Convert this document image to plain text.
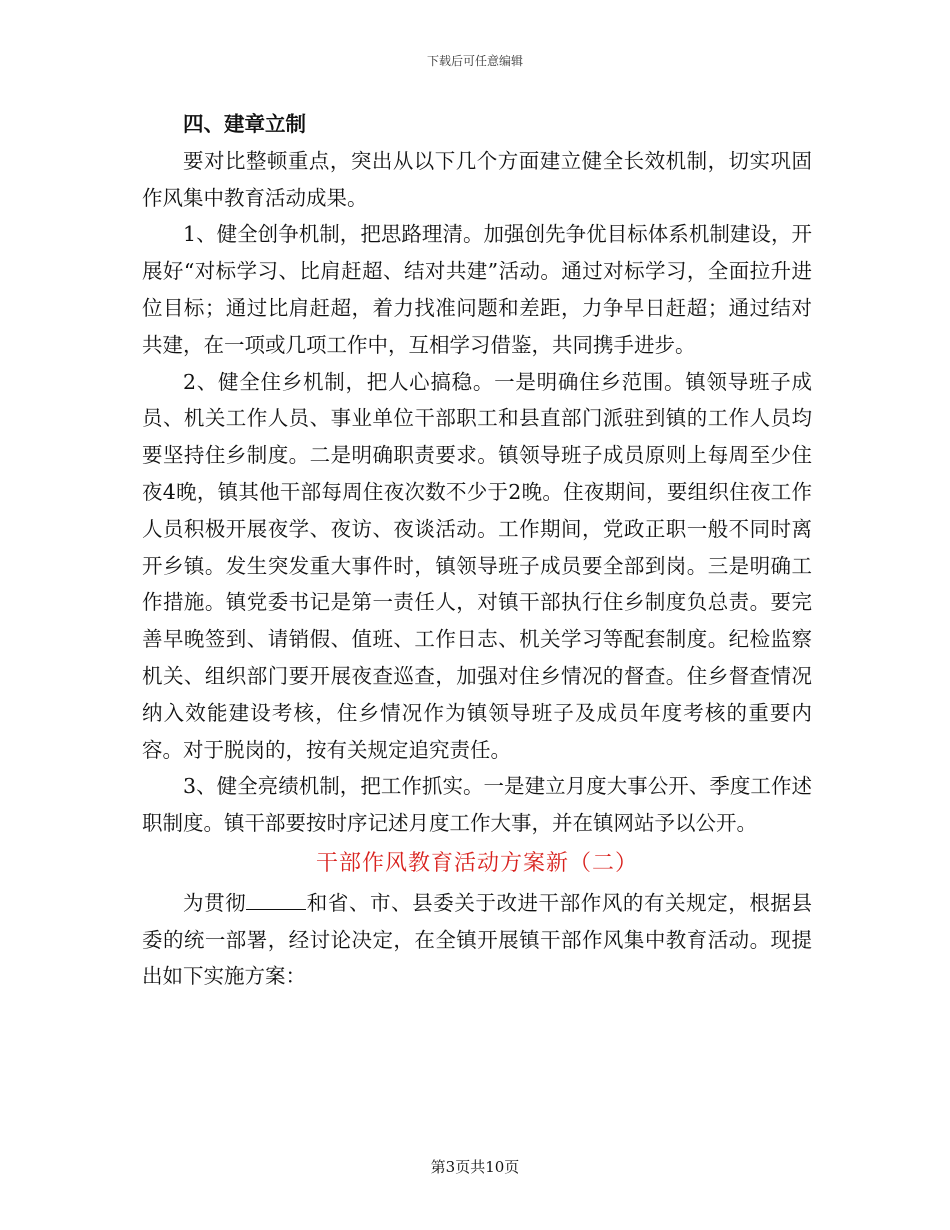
下载后可任意编辑

四、建章立制

要对比整顿重点，突出从以下几个方面建立健全长效机制，切实巩固作风集中教育活动成果。

1、健全创争机制，把思路理清。加强创先争优目标体系机制建设，开展好“对标学习、比肩赶超、结对共建”活动。通过对标学习，全面拉升进位目标；通过比肩赶超，着力找准问题和差距，力争早日赶超；通过结对共建，在一项或几项工作中，互相学习借鉴，共同携手进步。

2、健全住乡机制，把人心搞稳。一是明确住乡范围。镇领导班子成员、机关工作人员、事业单位干部职工和县直部门派驻到镇的工作人员均要坚持住乡制度。二是明确职责要求。镇领导班子成员原则上每周至少住夜4晚，镇其他干部每周住夜次数不少于2晚。住夜期间，要组织住夜工作人员积极开展夜学、夜访、夜谈活动。工作期间，党政正职一般不同时离开乡镇。发生突发重大事件时，镇领导班子成员要全部到岗。三是明确工作措施。镇党委书记是第一责任人，对镇干部执行住乡制度负总责。要完善早晚签到、请销假、值班、工作日志、机关学习等配套制度。纪检监察机关、组织部门要开展夜查巡查，加强对住乡情况的督查。住乡督查情况纳入效能建设考核，住乡情况作为镇领导班子及成员年度考核的重要内容。对于脱岗的，按有关规定追究责任。

3、健全亮绩机制，把工作抓实。一是建立月度大事公开、季度工作述职制度。镇干部要按时序记述月度工作大事，并在镇网站予以公开。

干部作风教育活动方案新（二）

为贯彻	和省、市、县委关于改进干部作风的有关规定，根据县委的统一部署，经讨论决定，在全镇开展镇干部作风集中教育活动。现提出如下实施方案：

第3页共10页
